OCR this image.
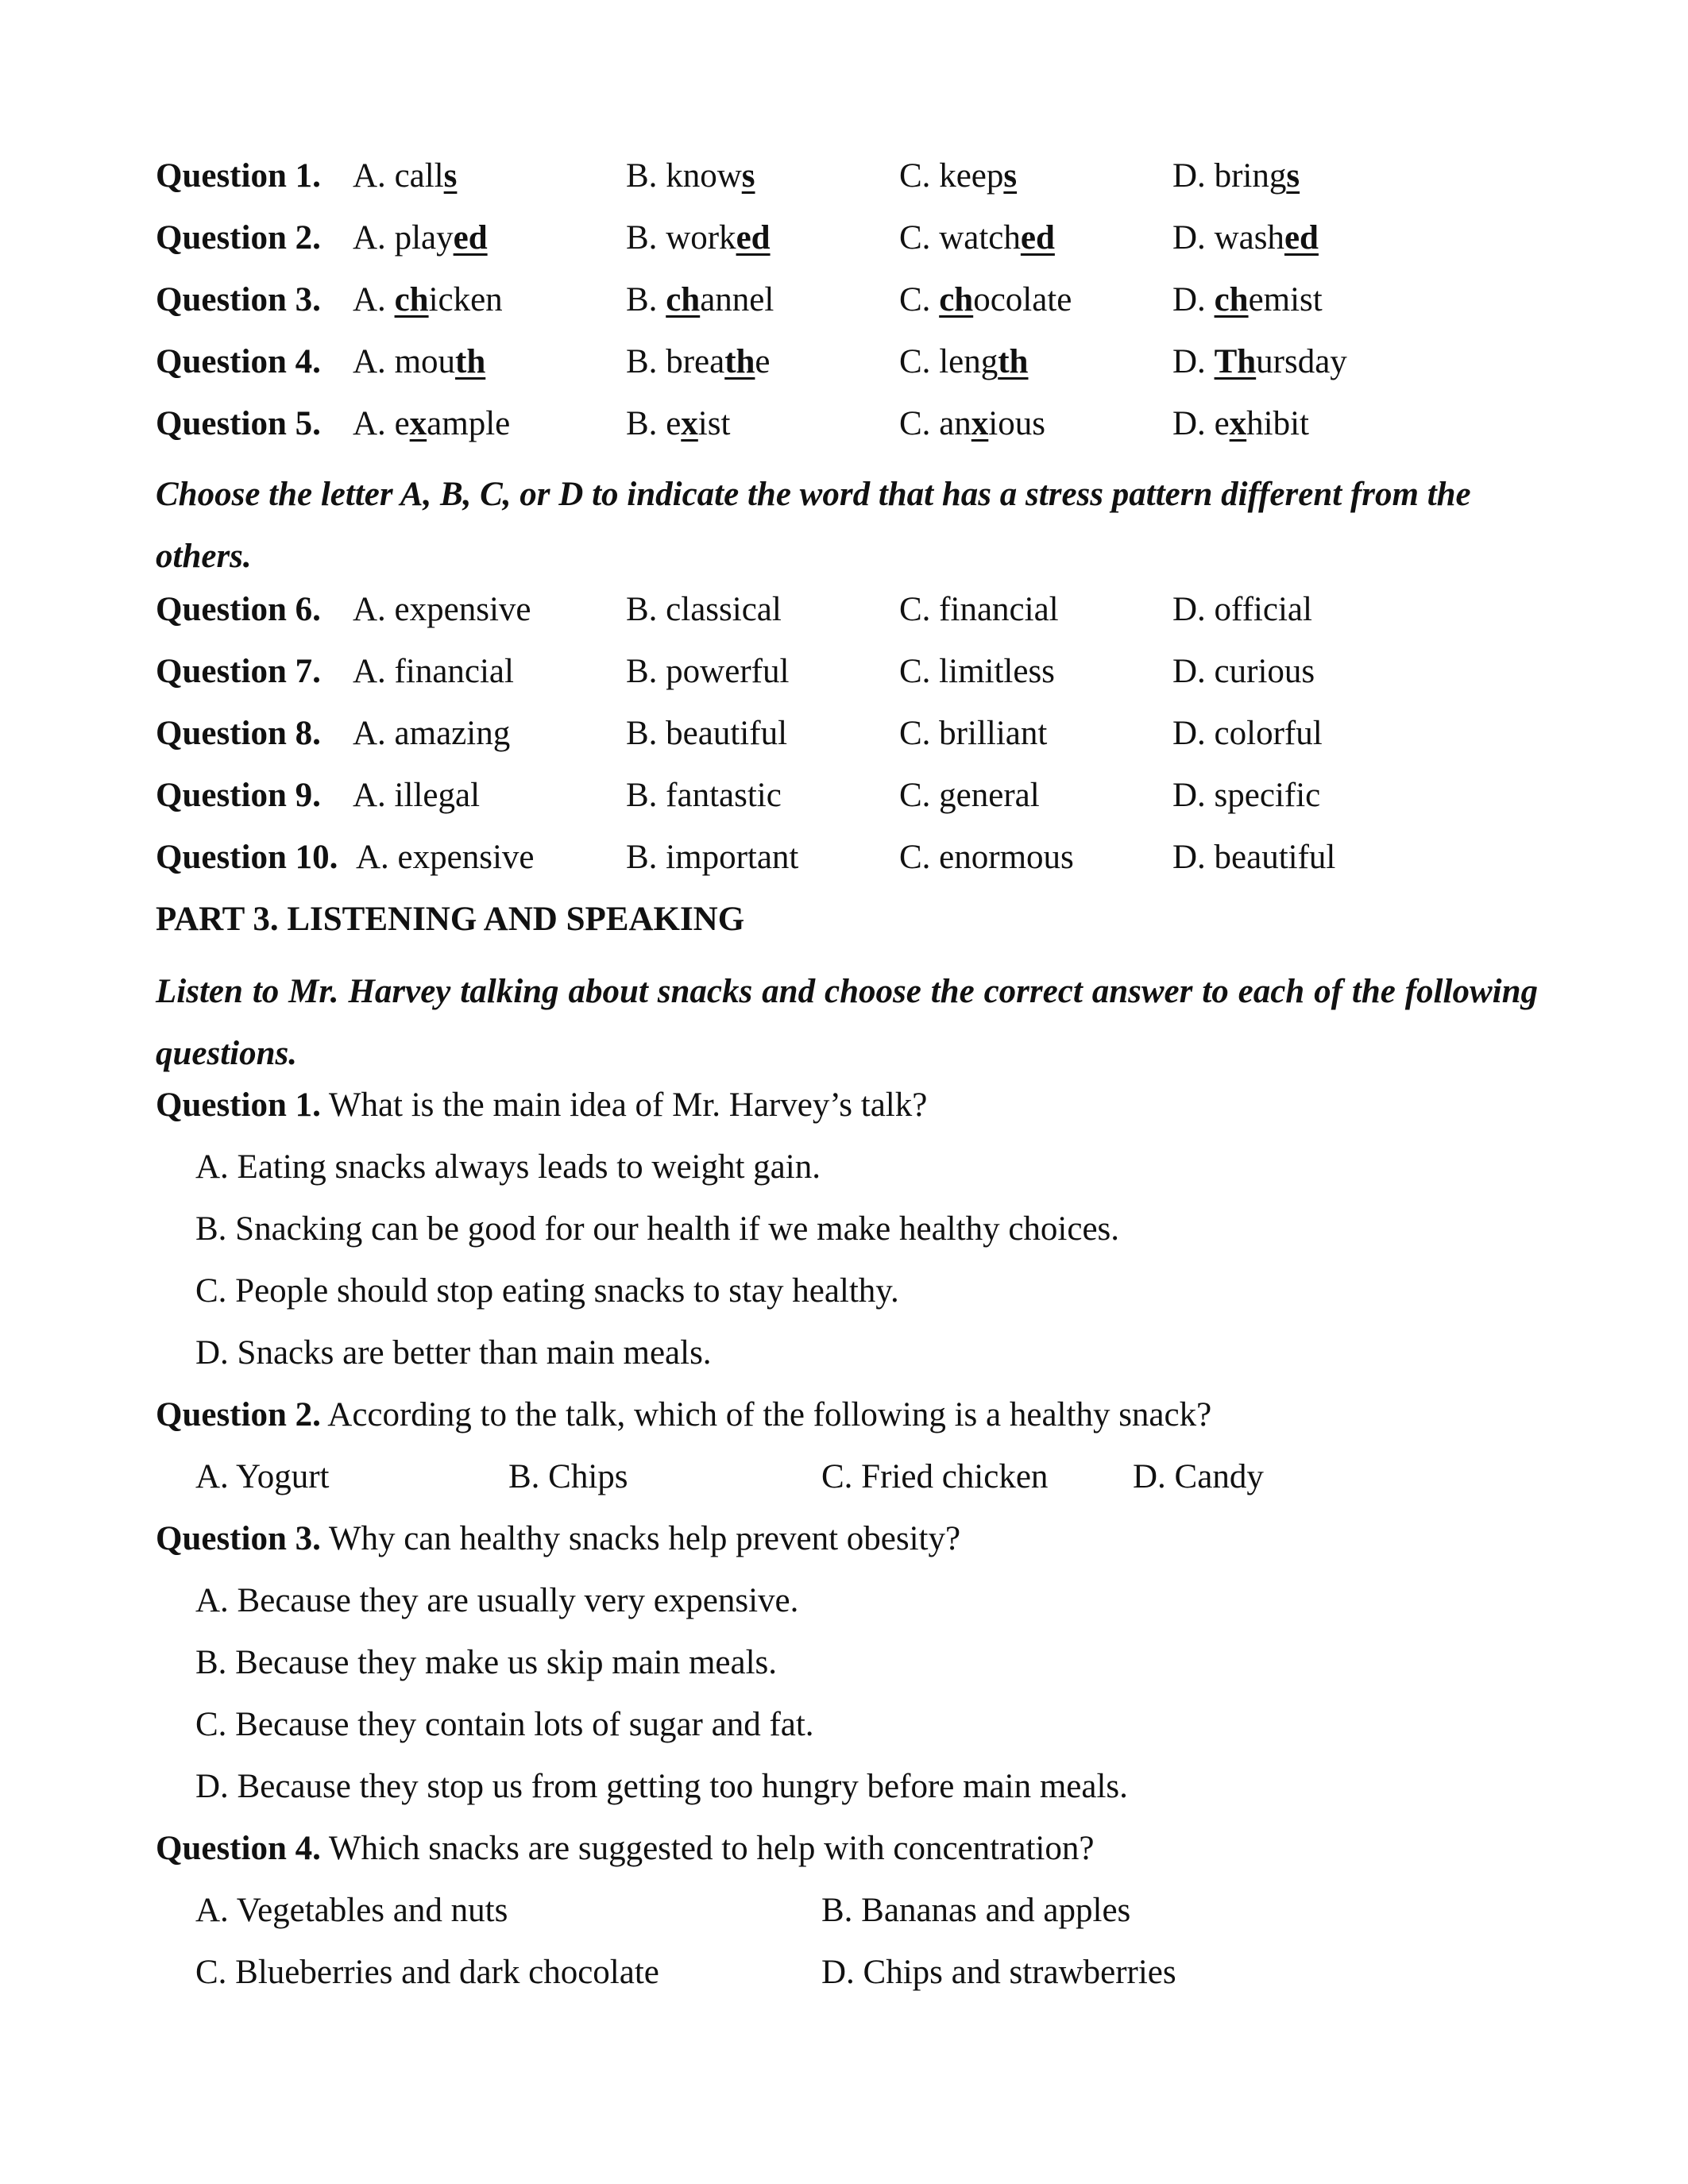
Question 1. A. calls	B. knows	C. keeps	D. brings
Question 2. A. played	B. worked	C. watched	D. washed
Question 3. A. chicken	B. channel	C. chocolate	D. chemist
Question 4. A. mouth	B. breathe	C. length	D. Thursday
Question 5. A. example	B. exist	C. anxious	D. exhibit
Choose the letter A, B, C, or D to indicate the word that has a stress pattern different from the others.
Question 6. A. expensive	B. classical	C. financial	D. official
Question 7. A. financial	B. powerful	C. limitless	D. curious
Question 8. A. amazing	B. beautiful	C. brilliant	D. colorful
Question 9. A. illegal	B. fantastic	C. general	D. specific
Question 10. A. expensive	B. important	C. enormous	D. beautiful
PART 3. LISTENING AND SPEAKING
Listen to Mr. Harvey talking about snacks and choose the correct answer to each of the following questions.
Question 1. What is the main idea of Mr. Harvey’s talk?
A. Eating snacks always leads to weight gain.
B. Snacking can be good for our health if we make healthy choices.
C. People should stop eating snacks to stay healthy.
D. Snacks are better than main meals.
Question 2. According to the talk, which of the following is a healthy snack?
A. Yogurt	B. Chips	C. Fried chicken D. Candy
Question 3. Why can healthy snacks help prevent obesity?
A. Because they are usually very expensive.
B. Because they make us skip main meals.
C. Because they contain lots of sugar and fat.
D. Because they stop us from getting too hungry before main meals.
Question 4. Which snacks are suggested to help with concentration?
A. Vegetables and nuts	B. Bananas and apples
C. Blueberries and dark chocolate	D. Chips and strawberries
